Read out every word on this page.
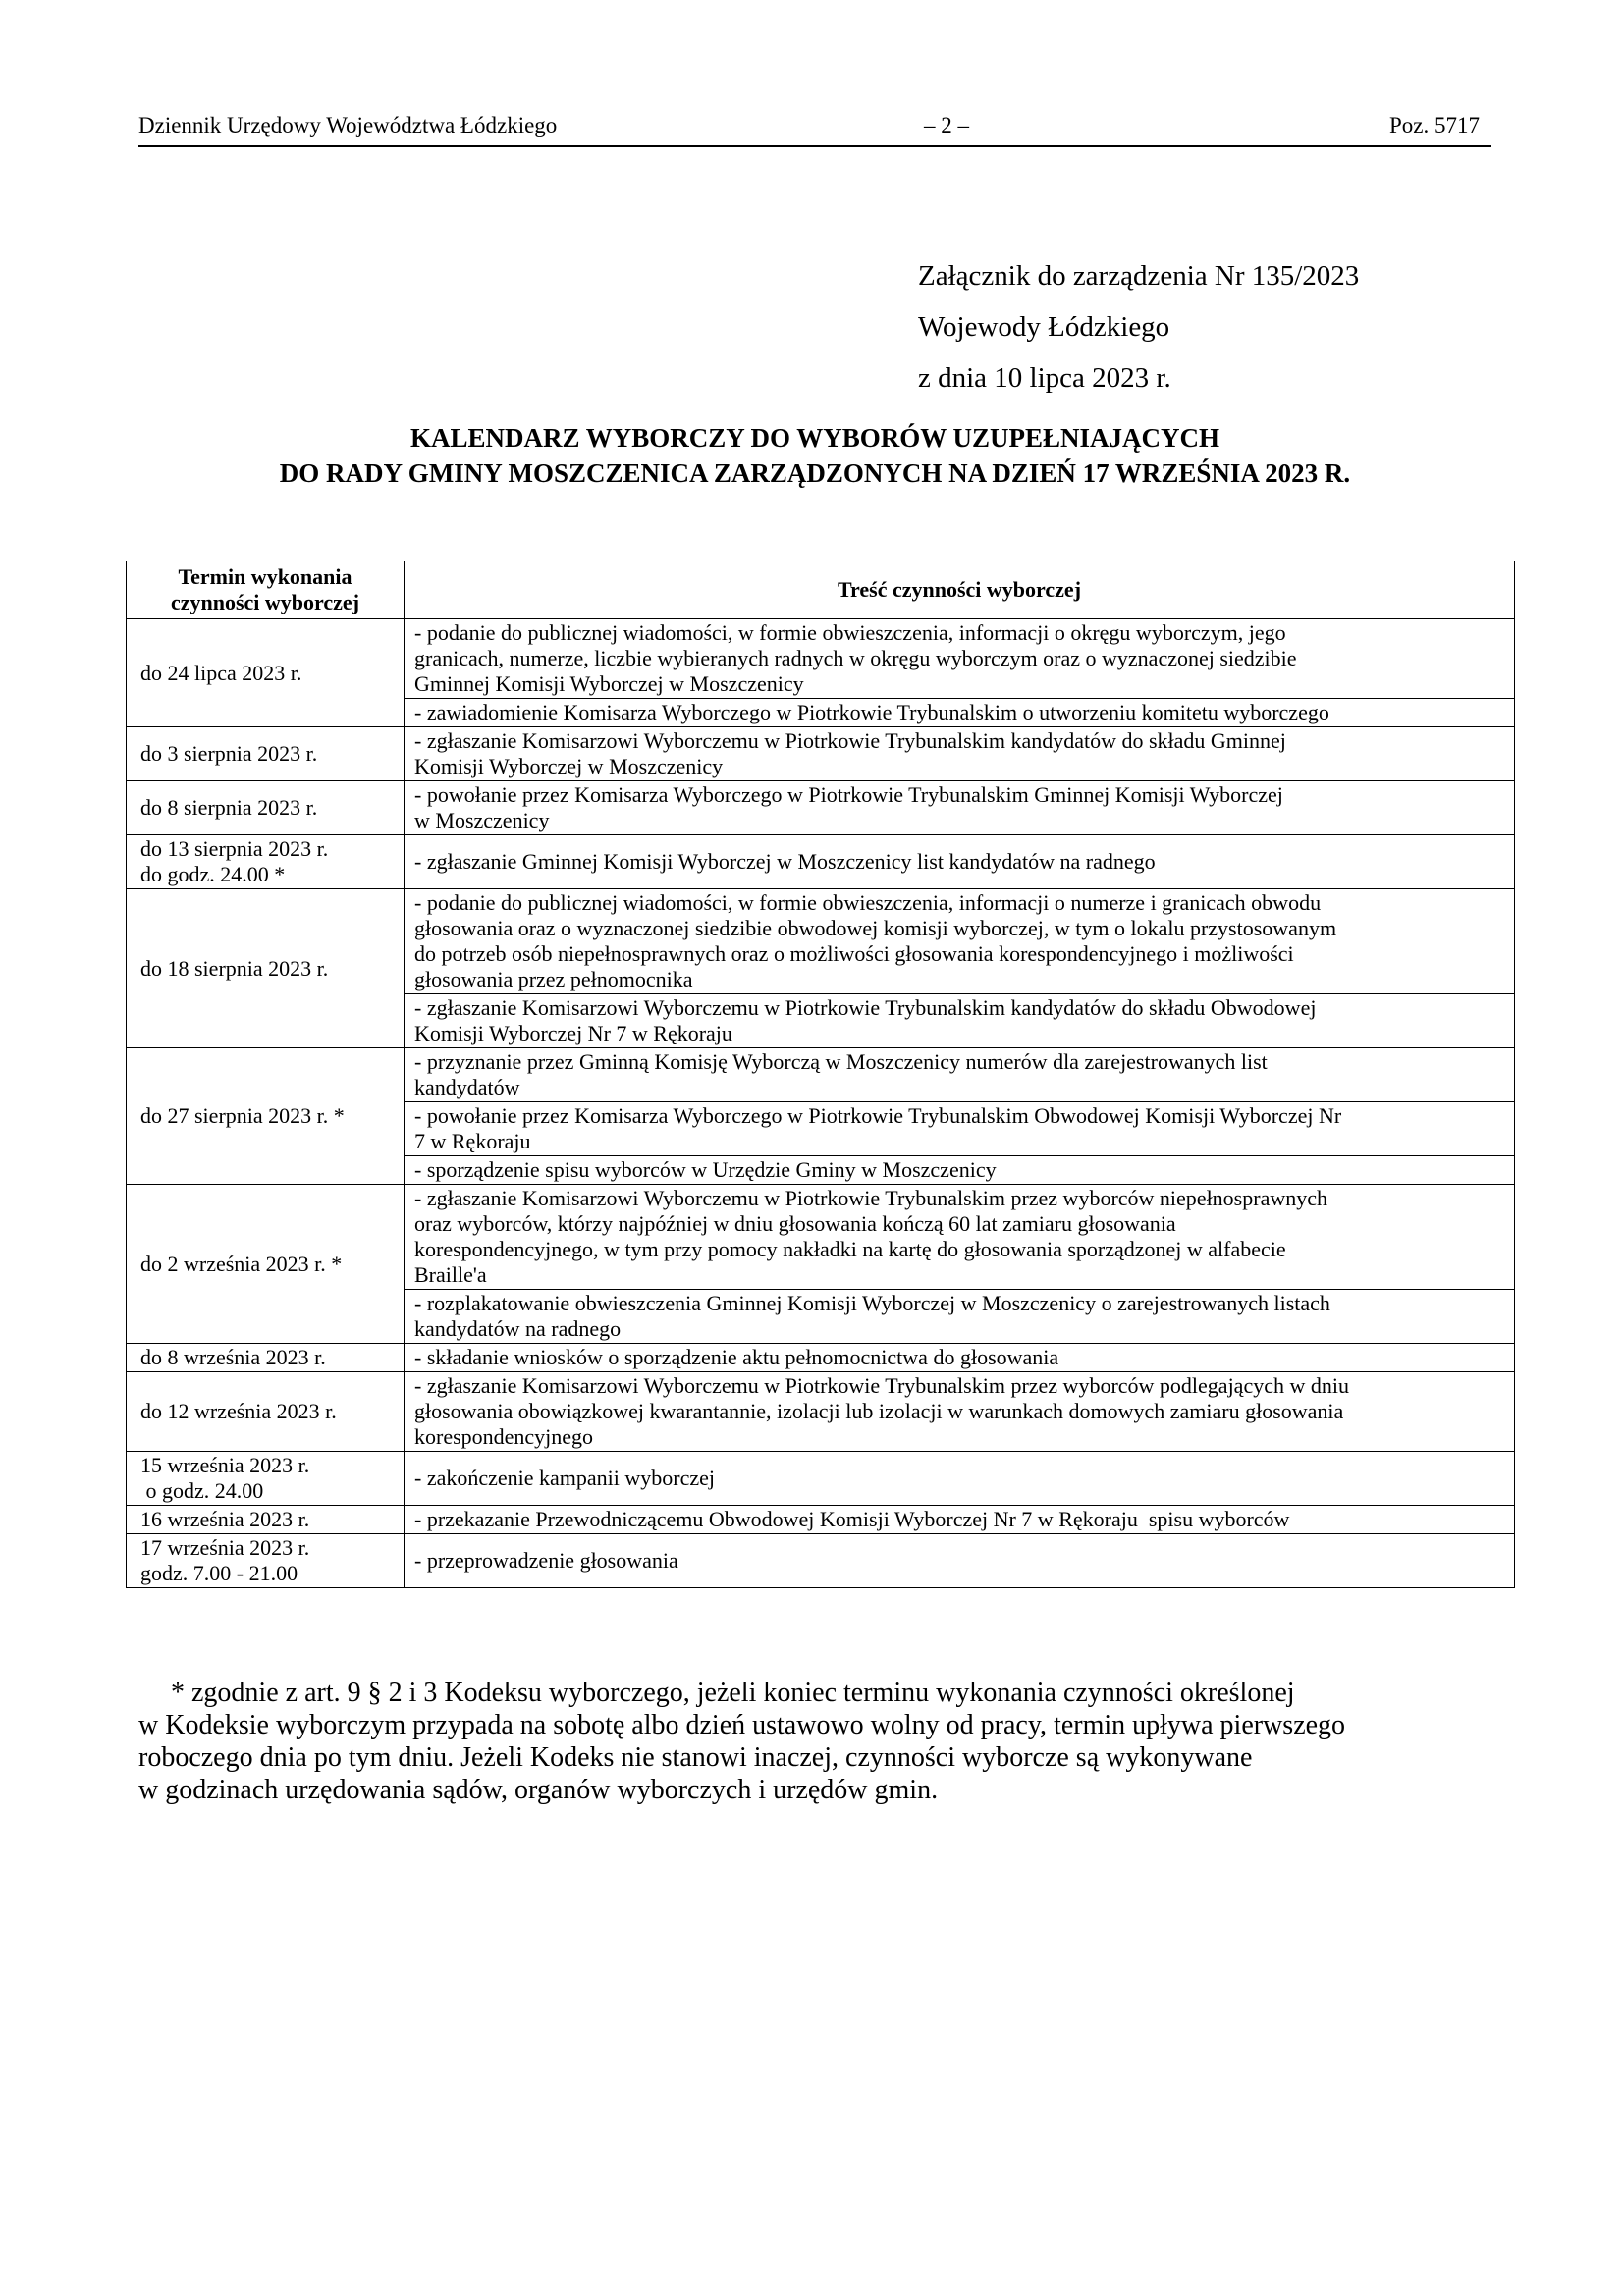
Dziennik Urzędowy Województwa Łódzkiego	– 2 –	Poz. 5717
Załącznik do zarządzenia Nr 135/2023
Wojewody Łódzkiego
z dnia 10 lipca 2023 r.
KALENDARZ WYBORCZY DO WYBORÓW UZUPEŁNIAJĄCYCH
DO RADY GMINY MOSZCZENICA ZARZĄDZONYCH NA DZIEŃ 17 WRZEŚNIA 2023 R.
Termin wykonania
czynności wyborczej	Treść czynności wyborczej
do 24 lipca 2023 r.	- podanie do publicznej wiadomości, w formie obwieszczenia, informacji o okręgu wyborczym, jego
granicach, numerze, liczbie wybieranych radnych w okręgu wyborczym oraz o wyznaczonej siedzibie
Gminnej Komisji Wyborczej w Moszczenicy

	- zawiadomienie Komisarza Wyborczego w Piotrkowie Trybunalskim o utworzeniu komitetu wyborczego

do 3 sierpnia 2023 r.	- zgłaszanie Komisarzowi Wyborczemu w Piotrkowie Trybunalskim kandydatów do składu Gminnej
Komisji Wyborczej w Moszczenicy

do 8 sierpnia 2023 r.	- powołanie przez Komisarza Wyborczego w Piotrkowie Trybunalskim Gminnej Komisji Wyborczej
w Moszczenicy

do 13 sierpnia 2023 r.
do godz. 24.00 *	- zgłaszanie Gminnej Komisji Wyborczej w Moszczenicy list kandydatów na radnego

do 18 sierpnia 2023 r.	- podanie do publicznej wiadomości, w formie obwieszczenia, informacji o numerze i granicach obwodu
głosowania oraz o wyznaczonej siedzibie obwodowej komisji wyborczej, w tym o lokalu przystosowanym
do potrzeb osób niepełnosprawnych oraz o możliwości głosowania korespondencyjnego i możliwości
głosowania przez pełnomocnika

	- zgłaszanie Komisarzowi Wyborczemu w Piotrkowie Trybunalskim kandydatów do składu Obwodowej
Komisji Wyborczej Nr 7 w Rękoraju

do 27 sierpnia 2023 r. *	- przyznanie przez Gminną Komisję Wyborczą w Moszczenicy numerów dla zarejestrowanych list
kandydatów

	- powołanie przez Komisarza Wyborczego w Piotrkowie Trybunalskim Obwodowej Komisji Wyborczej Nr
7 w Rękoraju

	- sporządzenie spisu wyborców w Urzędzie Gminy w Moszczenicy

do 2 września 2023 r. *	- zgłaszanie Komisarzowi Wyborczemu w Piotrkowie Trybunalskim przez wyborców niepełnosprawnych
oraz wyborców, którzy najpóźniej w dniu głosowania kończą 60 lat zamiaru głosowania
korespondencyjnego, w tym przy pomocy nakładki na kartę do głosowania sporządzonej w alfabecie
Braille'a

	- rozplakatowanie obwieszczenia Gminnej Komisji Wyborczej w Moszczenicy o zarejestrowanych listach
kandydatów na radnego

do 8 września 2023 r.	- składanie wniosków o sporządzenie aktu pełnomocnictwa do głosowania

do 12 września 2023 r.	- zgłaszanie Komisarzowi Wyborczemu w Piotrkowie Trybunalskim przez wyborców podlegających w dniu
głosowania obowiązkowej kwarantannie, izolacji lub izolacji w warunkach domowych zamiaru głosowania
korespondencyjnego

15 września 2023 r.
o godz. 24.00	- zakończenie kampanii wyborczej

16 września 2023 r.	- przekazanie Przewodniczącemu Obwodowej Komisji Wyborczej Nr 7 w Rękoraju  spisu wyborców

17 września 2023 r.
godz. 7.00 - 21.00	- przeprowadzenie głosowania
* zgodnie z art. 9 § 2 i 3 Kodeksu wyborczego, jeżeli koniec terminu wykonania czynności określonej
w Kodeksie wyborczym przypada na sobotę albo dzień ustawowo wolny od pracy, termin upływa pierwszego
roboczego dnia po tym dniu. Jeżeli Kodeks nie stanowi inaczej, czynności wyborcze są wykonywane
w godzinach urzędowania sądów, organów wyborczych i urzędów gmin.
